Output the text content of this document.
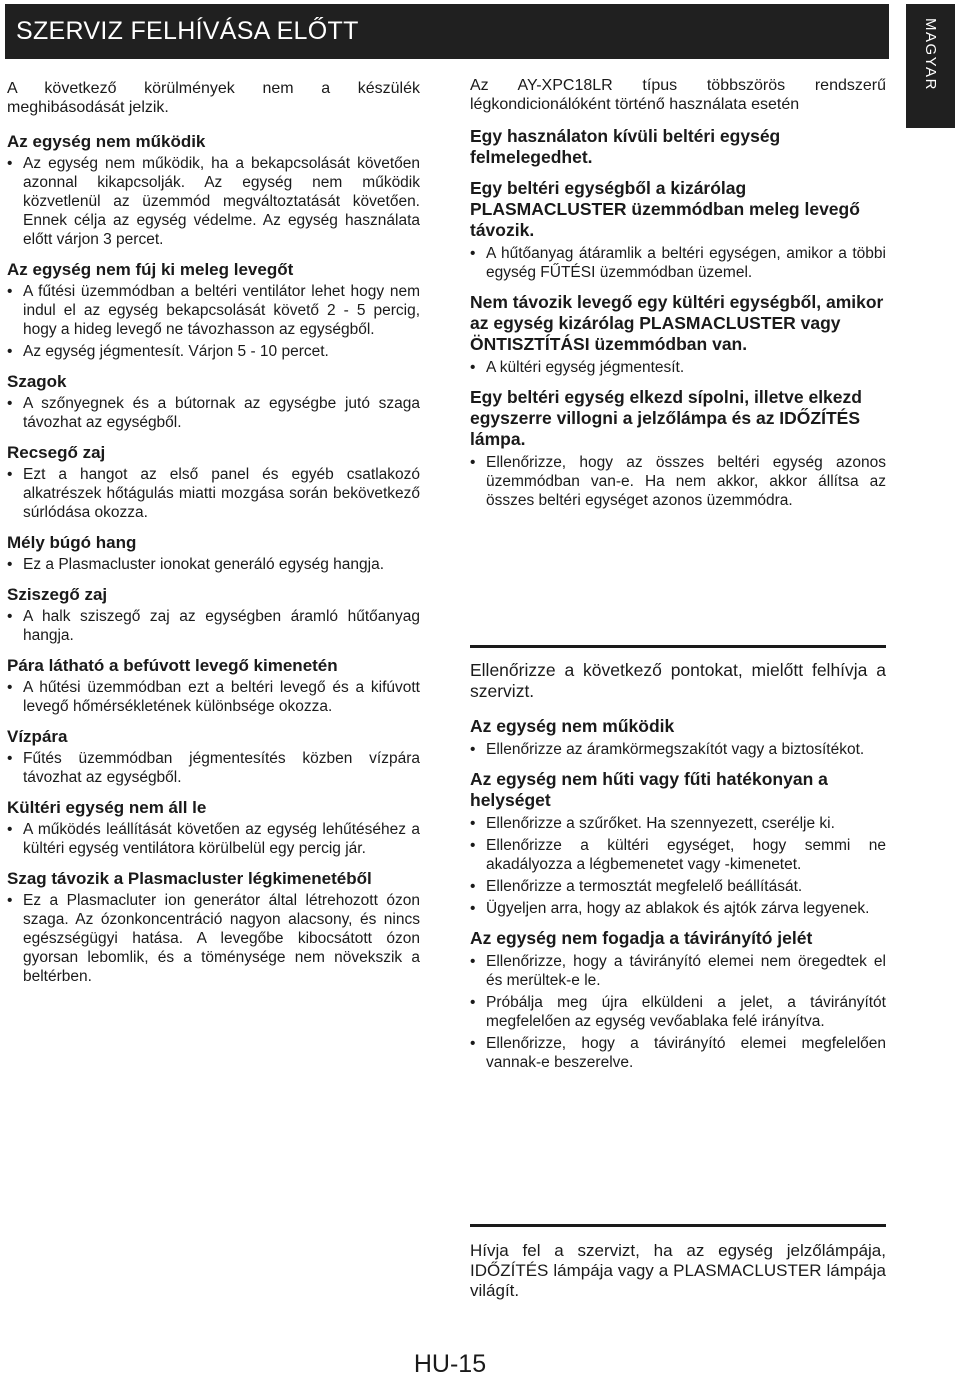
SZERVIZ FELHÍVÁSA ELŐTT	MAGYAR

A következő körülmények nem a készülék meghibásodását jelzik.

Az egység nem működik

• Az egység nem működik, ha a bekapcsolását követően azonnal kikapcsolják. Az egység nem működik közvetlenül az üzemmód megváltoztatását követően. Ennek célja az egység védelme. Az egység használata előtt várjon 3 percet.

Az egység nem fúj ki meleg levegőt

• A fűtési üzemmódban a beltéri ventilátor lehet hogy nem indul el az egység bekapcsolását követő 2 - 5 percig, hogy a hideg levegő ne távozhasson az egységből.

• Az egység jégmentesít. Várjon 5 - 10 percet.

Szagok

• A szőnyegnek és a bútornak az egységbe jutó szaga távozhat az egységből.

Recsegő zaj

• Ezt a hangot az első panel és egyéb csatlakozó alkatrészek hőtágulás miatti mozgása során bekövetkező súrlódása okozza.

Mély búgó hang

• Ez a Plasmacluster ionokat generáló egység hangja.

Sziszegő zaj

• A halk sziszegő zaj az egységben áramló hűtőanyag hangja.

Pára látható a befúvott levegő kimenetén

• A hűtési üzemmódban ezt a beltéri levegő és a kifúvott levegő hőmérsékletének különbsége okozza.

Vízpára

• Fűtés üzemmódban jégmentesítés közben vízpára távozhat az egységből.

Kültéri egység nem áll le

• A működés leállítását követően az egység lehűtéséhez a kültéri egység ventilátora körülbelül egy percig jár.

Szag távozik a Plasmacluster légkimenetéből

• Ez a Plasmacluter ion generátor által létrehozott ózon szaga. Az ózonkoncentráció nagyon alacsony, és nincs egészségügyi hatása. A levegőbe kibocsátott ózon gyorsan lebomlik, és a töménysége nem növekszik a beltérben.

Az AY-XPC18LR típus többszörös rendszerű légkondicionálóként történő használata esetén

Egy használaton kívüli beltéri egység felmelegedhet.

Egy beltéri egységből a kizárólag PLASMACLUSTER üzemmódban meleg levegő távozik.

• A hűtőanyag átáramlik a beltéri egységen, amikor a többi egység FŰTÉSI üzemmódban üzemel.

Nem távozik levegő egy kültéri egységből, amikor az egység kizárólag PLASMACLUSTER vagy ÖNTISZTÍTÁSI üzemmódban van.

• A kültéri egység jégmentesít.

Egy beltéri egység elkezd sípolni, illetve elkezd egyszerre villogni a jelzőlámpa és az IDŐZÍTÉS lámpa.

• Ellenőrizze, hogy az összes beltéri egység azonos üzemmódban van-e. Ha nem akkor, akkor állítsa az összes beltéri egységet azonos üzemmódra.

Ellenőrizze a következő pontokat, mielőtt felhívja a szervizt.

Az egység nem működik

• Ellenőrizze az áramkörmegszakítót vagy a biztosítékot.

Az egység nem hűti vagy fűti hatékonyan a helységet

• Ellenőrizze a szűrőket. Ha szennyezett, cserélje ki.

• Ellenőrizze a kültéri egységet, hogy semmi ne akadályozza a légbemenetet vagy -kimenetet.

• Ellenőrizze a termosztát megfelelő beállítását.

• Ügyeljen arra, hogy az ablakok és ajtók zárva legyenek.

Az egység nem fogadja a távirányító jelét

• Ellenőrizze, hogy a távirányító elemei nem öregedtek el és merültek-e le.

• Próbálja meg újra elküldeni a jelet, a távirányítót megfelelően az egység vevőablaka felé irányítva.

• Ellenőrizze, hogy a távirányító elemei megfelelően vannak-e beszerelve.

Hívja fel a szervizt, ha az egység jelzőlámpája, IDŐZÍTÉS lámpája vagy a PLASMACLUSTER lámpája világít.

HU-15
